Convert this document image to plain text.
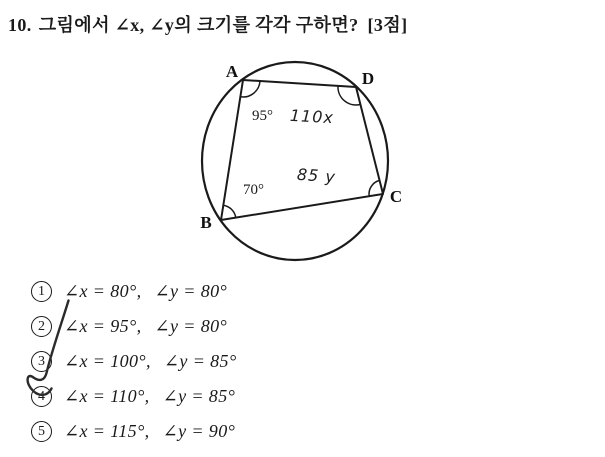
10. 그림에서 ∠x, ∠y의 크기를 각각 구하면? [3점]
A	D
B
C
95°
70°
110x
85 y
1	∠x = 80°, ∠y = 80°
2	∠x = 95°, ∠y = 80°
3	∠x = 100°, ∠y = 85°
4	∠x = 110°, ∠y = 85°
5	∠x = 115°, ∠y = 90°
